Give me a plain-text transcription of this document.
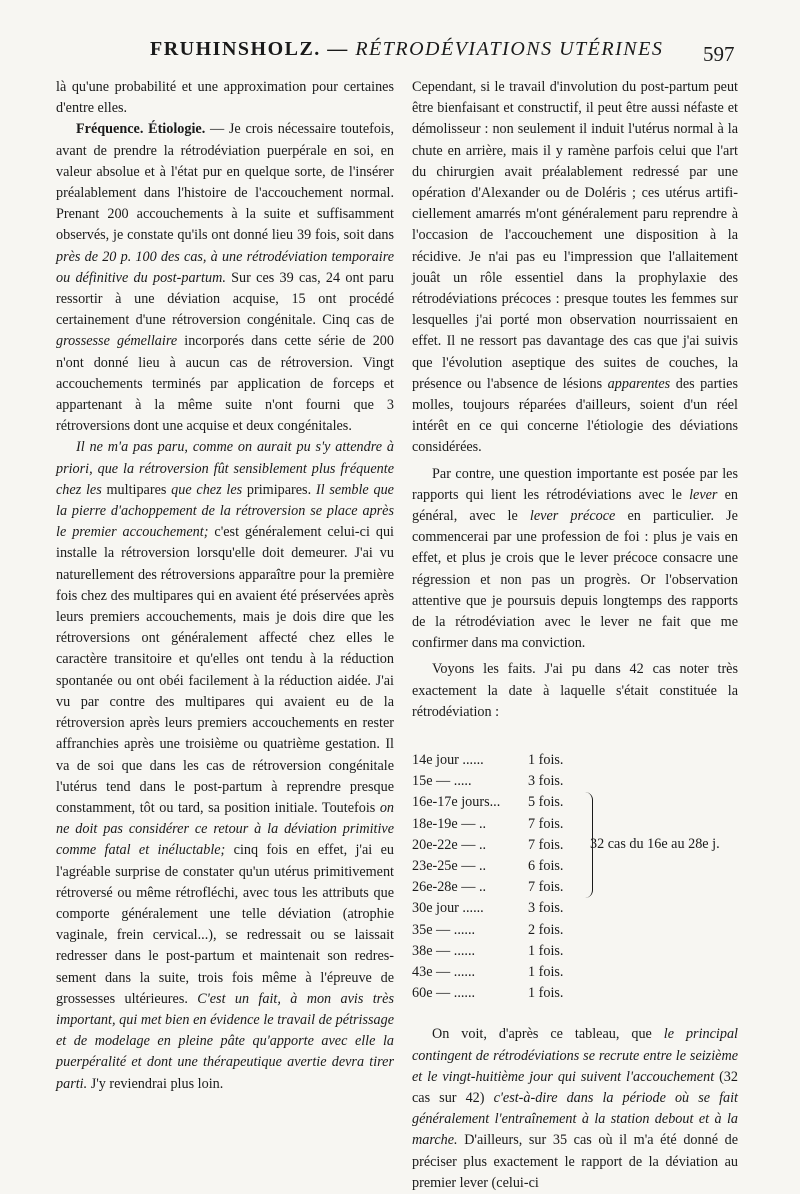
FRUHINSHOLZ. — RÉTRODÉVIATIONS UTÉRINES 597

là qu'une probabilité et une approximation pour certaines d'entre elles.

Fréquence. Étiologie. — Je crois nécessaire toutefois, avant de prendre la rétrodéviation puerpérale en soi, en valeur absolue et à l'état pur en quelque sorte, de l'insérer préalablement dans l'histoire de l'accouchement normal. Prenant 200 accouchements à la suite et suffisamment observés, je constate qu'ils ont donné lieu 39 fois, soit dans près de 20 p. 100 des cas, à une rétrodéviation temporaire ou définitive du post-partum. Sur ces 39 cas, 24 ont paru ressortir à une déviation acquise, 15 ont procédé certainement d'une rétroversion congénitale. Cinq cas de grossesse gémellaire incorporés dans cette série de 200 n'ont donné lieu à aucun cas de rétroversion. Vingt accouchements terminés par application de forceps et appartenant à la même suite n'ont fourni que 3 rétroversions dont une acquise et deux congénitales.

Il ne m'a pas paru, comme on aurait pu s'y attendre à priori, que la rétroversion fût sensiblement plus fréquente chez les multipares que chez les primipares. Il semble que la pierre d'achoppement de la rétroversion se place après le premier accouchement; c'est généralement celui-ci qui installe la rétroversion lorsqu'elle doit demeurer. J'ai vu naturellement des rétroversions apparaître pour la première fois chez des multipares qui en avaient été préservées après leurs premiers accouchements, mais je dois dire que les rétroversions ont généralement affecté chez elles le caractère transitoire et qu'elles ont tendu à la réduction spontanée ou ont obéi facilement à la réduction aidée. J'ai vu par contre des multipares qui avaient eu de la rétroversion après leurs premiers accouchements en rester affranchies après une troisième ou quatrième gestation. Il va de soi que dans les cas de rétroversion congénitale l'utérus tend dans le post-partum à reprendre presque constamment, tôt ou tard, sa position initiale. Toutefois on ne doit pas considérer ce retour à la déviation primitive comme fatal et inéluctable; cinq fois en effet, j'ai eu l'agréable surprise de constater qu'un utérus primitivement rétroversé ou même rétrofléchi, avec tous les attributs que comporte généralement une telle déviation (atrophie vaginale, frein cervical...), se redressait ou se laissait redresser dans le post-partum et maintenait son redressement dans la suite, trois fois même à l'épreuve de grossesses ultérieures. C'est un fait, à mon avis très important, qui met bien en évidence le travail de pétrissage et de modelage en pleine pâte qu'apporte avec elle la puerpéralité et dont une thérapeutique avertie devra tirer parti. J'y reviendrai plus loin.

Cependant, si le travail d'involution du post-partum peut être bienfaisant et constructif, il peut être aussi néfaste et démolisseur : non seulement il induit l'utérus normal à la chute en arrière, mais il y ramène parfois celui que l'art du chirurgien avait préalablement redressé par une opération d'Alexander ou de Doléris ; ces utérus artificiellement amarrés m'ont généralement paru reprendre à l'occasion de l'accouchement une disposition à la récidive. Je n'ai pas eu l'impression que l'allaitement jouât un rôle essentiel dans la prophylaxie des rétrodéviations précoces : presque toutes les femmes sur lesquelles j'ai porté mon observation nourrissaient en effet. Il ne ressort pas davantage des cas que j'ai suivis que l'évolution aseptique des suites de couches, la présence ou l'absence de lésions apparentes des parties molles, toujours réparées d'ailleurs, soient d'un réel intérêt en ce qui concerne l'étiologie des déviations considérées.

Par contre, une question importante est posée par les rapports qui lient les rétrodéviations avec le lever en général, avec le lever précoce en particulier. Je commencerai par une profession de foi : plus je vais en effet, et plus je crois que le lever précoce consacre une régression et non pas un progrès. Or l'observation attentive que je poursuis depuis longtemps des rapports de la rétrodéviation avec le lever ne fait que me confirmer dans ma conviction.

Voyons les faits. J'ai pu dans 42 cas noter très exactement la date à laquelle s'était constituée la rétrodéviation :

14e jour ......	1 fois.
15e — .....	3 fois.
16e-17e jours... 5 fois.
18e-19e — ..	7 fois.
20e-22e — ..	7 fois.
23e-25e — ..	6 fois.
26e-28e — ..	7 fois.
30e jour ......	3 fois.
35e — ......	2 fois.
38e — ......	1 fois.
43e — ......	1 fois.
60e — ......	1 fois.
32 cas du 16e au 28e j.

On voit, d'après ce tableau, que le principal contingent de rétrodéviations se recrute entre le seizième et le vingt-huitième jour qui suivent l'accouchement (32 cas sur 42) c'est-à-dire dans la période où se fait généralement l'entraînement à la station debout et à la marche. D'ailleurs, sur 35 cas où il m'a été donné de préciser plus exactement le rapport de la déviation au premier lever (celui-ci
